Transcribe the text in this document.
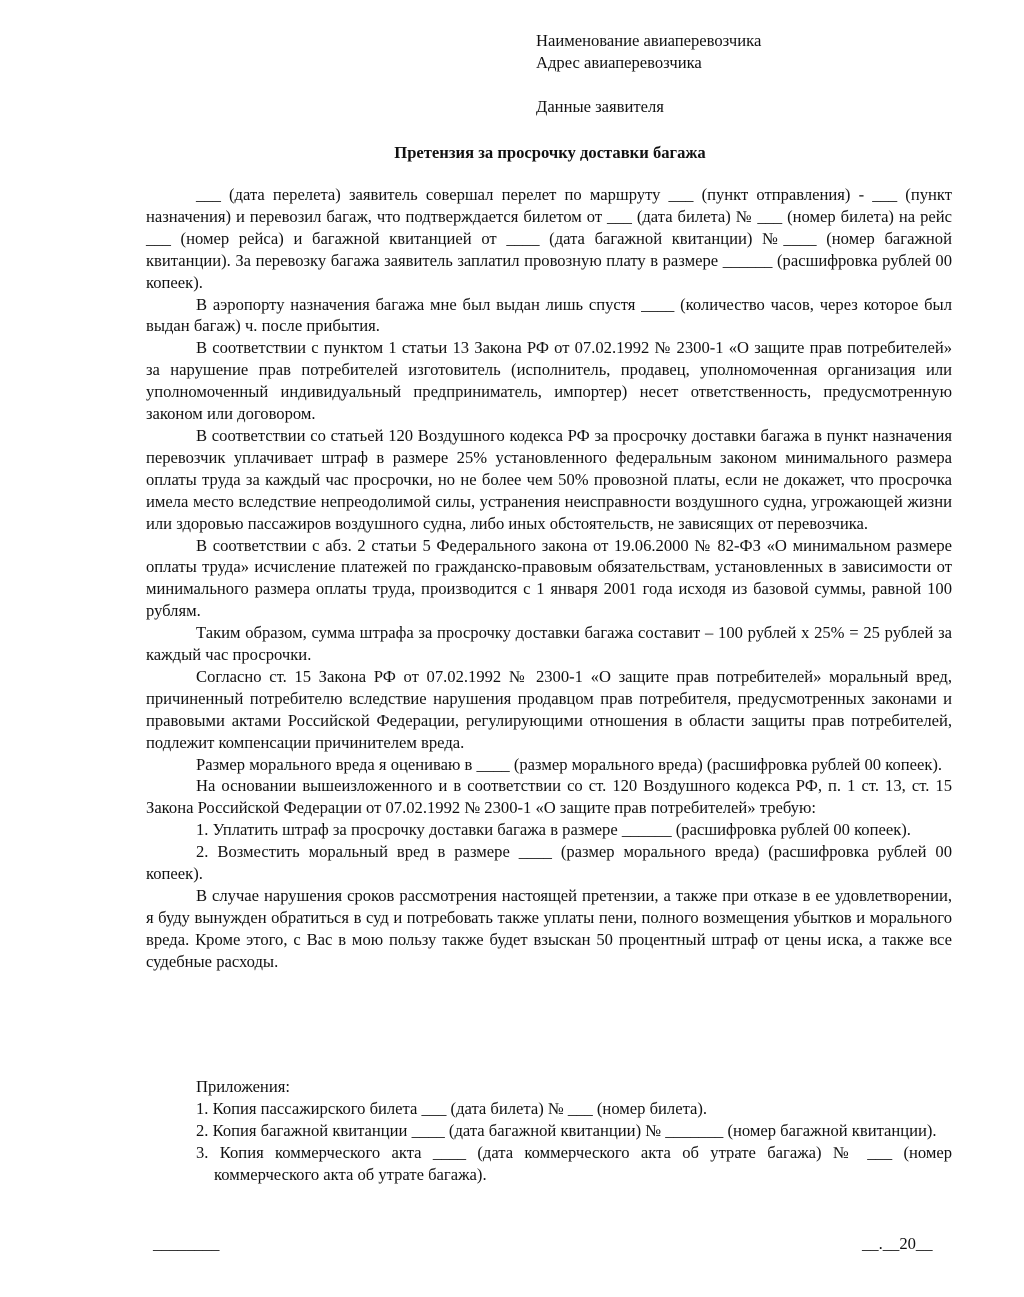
Наименование авиаперевозчика
Адрес авиаперевозчика
Данные заявителя
Претензия за просрочку доставки багажа

___ (дата перелета) заявитель совершал перелет по маршруту ___ (пункт отправления) - ___ (пункт назначения) и перевозил багаж, что подтверждается билетом от ___ (дата билета) № ___ (номер билета) на рейс ___ (номер рейса) и багажной квитанцией от ____ (дата багажной квитанции) №____ (номер багажной квитанции). За перевозку багажа заявитель заплатил провозную плату в размере ______ (расшифровка рублей 00 копеек).

В аэропорту назначения багажа мне был выдан лишь спустя ____ (количество часов, через которое был выдан багаж) ч. после прибытия.

В соответствии с пунктом 1 статьи 13 Закона РФ от 07.02.1992 № 2300-1 «О защите прав потребителей» за нарушение прав потребителей изготовитель (исполнитель, продавец, уполномоченная организация или уполномоченный индивидуальный предприниматель, импортер) несет ответственность, предусмотренную законом или договором.

В соответствии со статьей 120 Воздушного кодекса РФ за просрочку доставки багажа в пункт назначения перевозчик уплачивает штраф в размере 25% установленного федеральным законом минимального размера оплаты труда за каждый час просрочки, но не более чем 50% провозной платы, если не докажет, что просрочка имела место вследствие непреодолимой силы, устранения неисправности воздушного судна, угрожающей жизни или здоровью пассажиров воздушного судна, либо иных обстоятельств, не зависящих от перевозчика.

В соответствии с абз. 2 статьи 5 Федерального закона от 19.06.2000 № 82-ФЗ «О минимальном размере оплаты труда» исчисление платежей по гражданско-правовым обязательствам, установленных в зависимости от минимального размера оплаты труда, производится с 1 января 2001 года исходя из базовой суммы, равной 100 рублям.

Таким образом, сумма штрафа за просрочку доставки багажа составит – 100 рублей х 25% = 25 рублей за каждый час просрочки.

Согласно ст. 15 Закона РФ от 07.02.1992 № 2300-1 «О защите прав потребителей» моральный вред, причиненный потребителю вследствие нарушения продавцом прав потребителя, предусмотренных законами и правовыми актами Российской Федерации, регулирующими отношения в области защиты прав потребителей, подлежит компенсации причинителем вреда.

Размер морального вреда я оцениваю в ____ (размер морального вреда) (расшифровка рублей 00 копеек).

На основании вышеизложенного и в соответствии со ст. 120 Воздушного кодекса РФ, п. 1 ст. 13, ст. 15 Закона Российской Федерации от 07.02.1992 № 2300-1 «О защите прав потребителей» требую:

1. Уплатить штраф за просрочку доставки багажа в размере ______ (расшифровка рублей 00 копеек).

2. Возместить моральный вред в размере ____ (размер морального вреда) (расшифровка рублей 00 копеек).

В случае нарушения сроков рассмотрения настоящей претензии, а также при отказе в ее удовлетворении, я буду вынужден обратиться в суд и потребовать также уплаты пени, полного возмещения убытков и морального вреда. Кроме этого, с Вас в мою пользу также будет взыскан 50 процентный штраф от цены иска, а также все судебные расходы.

Приложения:
1. Копия пассажирского билета ___ (дата билета) № ___ (номер билета).
2. Копия багажной квитанции ____ (дата багажной квитанции) № _______ (номер багажной квитанции).
3. Копия коммерческого акта ____ (дата коммерческого акта об утрате багажа) № ___ (номер коммерческого акта об утрате багажа).
________	__.__20__
